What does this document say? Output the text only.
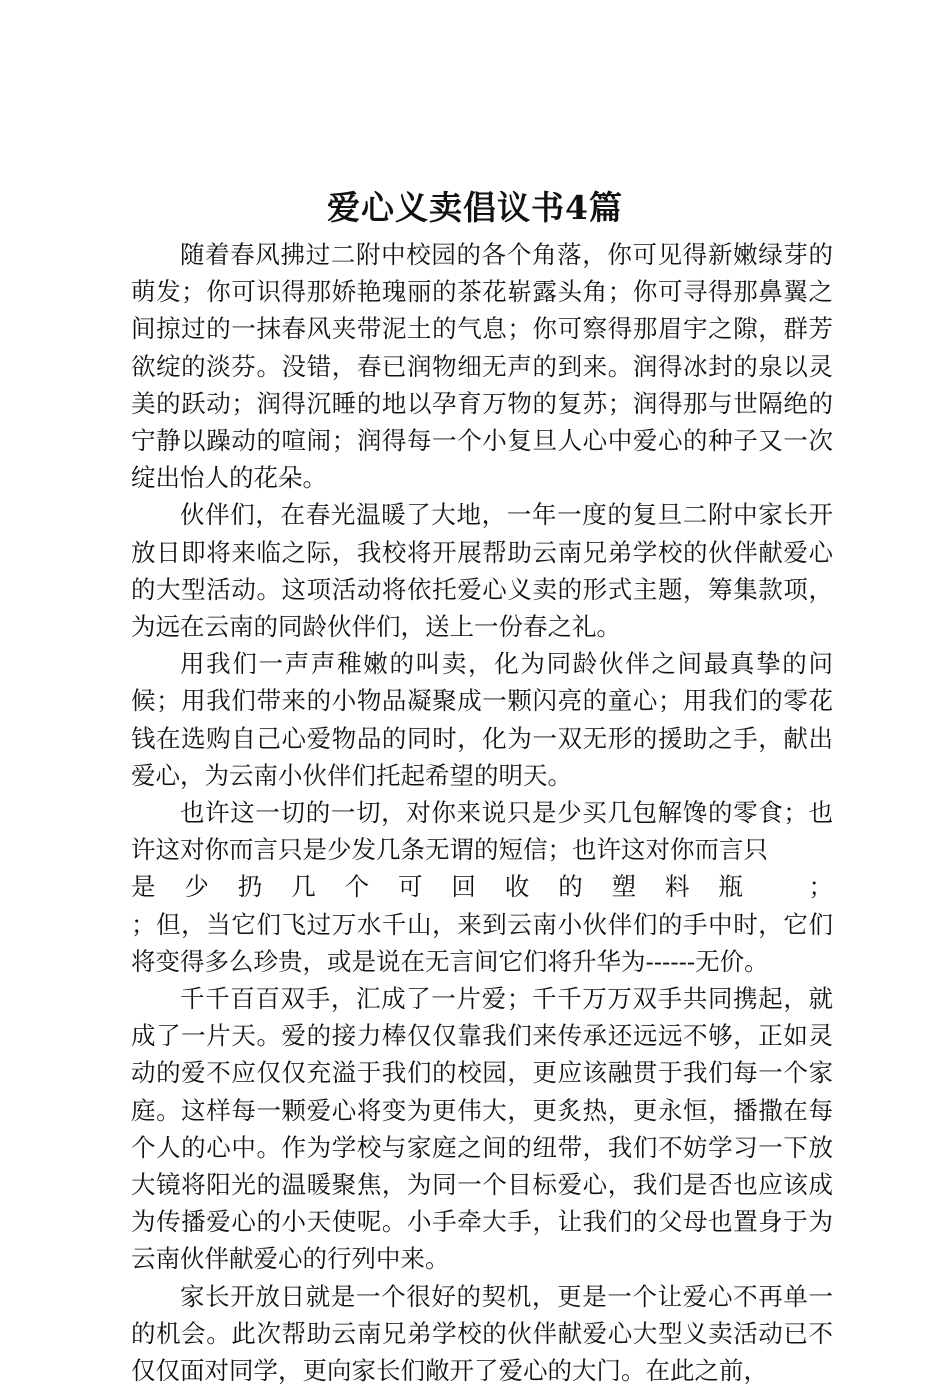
爱心义卖倡议书4篇

随着春风拂过二附中校园的各个角落，你可见得新嫩绿芽的萌发；你可识得那娇艳瑰丽的茶花崭露头角；你可寻得那鼻翼之间掠过的一抹春风夹带泥土的气息；你可察得那眉宇之隙，群芳欲绽的淡芬。没错，春已润物细无声的到来。润得冰封的泉以灵美的跃动；润得沉睡的地以孕育万物的复苏；润得那与世隔绝的宁静以躁动的喧闹；润得每一个小复旦人心中爱心的种子又一次绽出怡人的花朵。

伙伴们，在春光温暖了大地，一年一度的复旦二附中家长开放日即将来临之际，我校将开展帮助云南兄弟学校的伙伴献爱心的大型活动。这项活动将依托爱心义卖的形式主题，筹集款项，为远在云南的同龄伙伴们，送上一份春之礼。

用我们一声声稚嫩的叫卖，化为同龄伙伴之间最真挚的问候；用我们带来的小物品凝聚成一颗闪亮的童心；用我们的零花钱在选购自己心爱物品的同时，化为一双无形的援助之手，献出爱心，为云南小伙伴们托起希望的明天。

也许这一切的一切，对你来说只是少买几包解馋的零食；也许这对你而言只是少发几条无谓的短信；也许这对你而言只
是少扔几个可回收的塑料瓶 ；
；但，当它们飞过万水千山，来到云南小伙伴们的手中时，它们将变得多么珍贵，或是说在无言间它们将升华为------无价。

千千百百双手，汇成了一片爱；千千万万双手共同携起，就成了一片天。爱的接力棒仅仅靠我们来传承还远远不够，正如灵动的爱不应仅仅充溢于我们的校园，更应该融贯于我们每一个家庭。这样每一颗爱心将变为更伟大，更炙热，更永恒，播撒在每个人的心中。作为学校与家庭之间的纽带，我们不妨学习一下放大镜将阳光的温暖聚焦，为同一个目标爱心，我们是否也应该成为传播爱心的小天使呢。小手牵大手，让我们的父母也置身于为云南伙伴献爱心的行列中来。

家长开放日就是一个很好的契机，更是一个让爱心不再单一的机会。此次帮助云南兄弟学校的伙伴献爱心大型义卖活动已不仅仅面对同学，更向家长们敞开了爱心的大门。在此之前，
